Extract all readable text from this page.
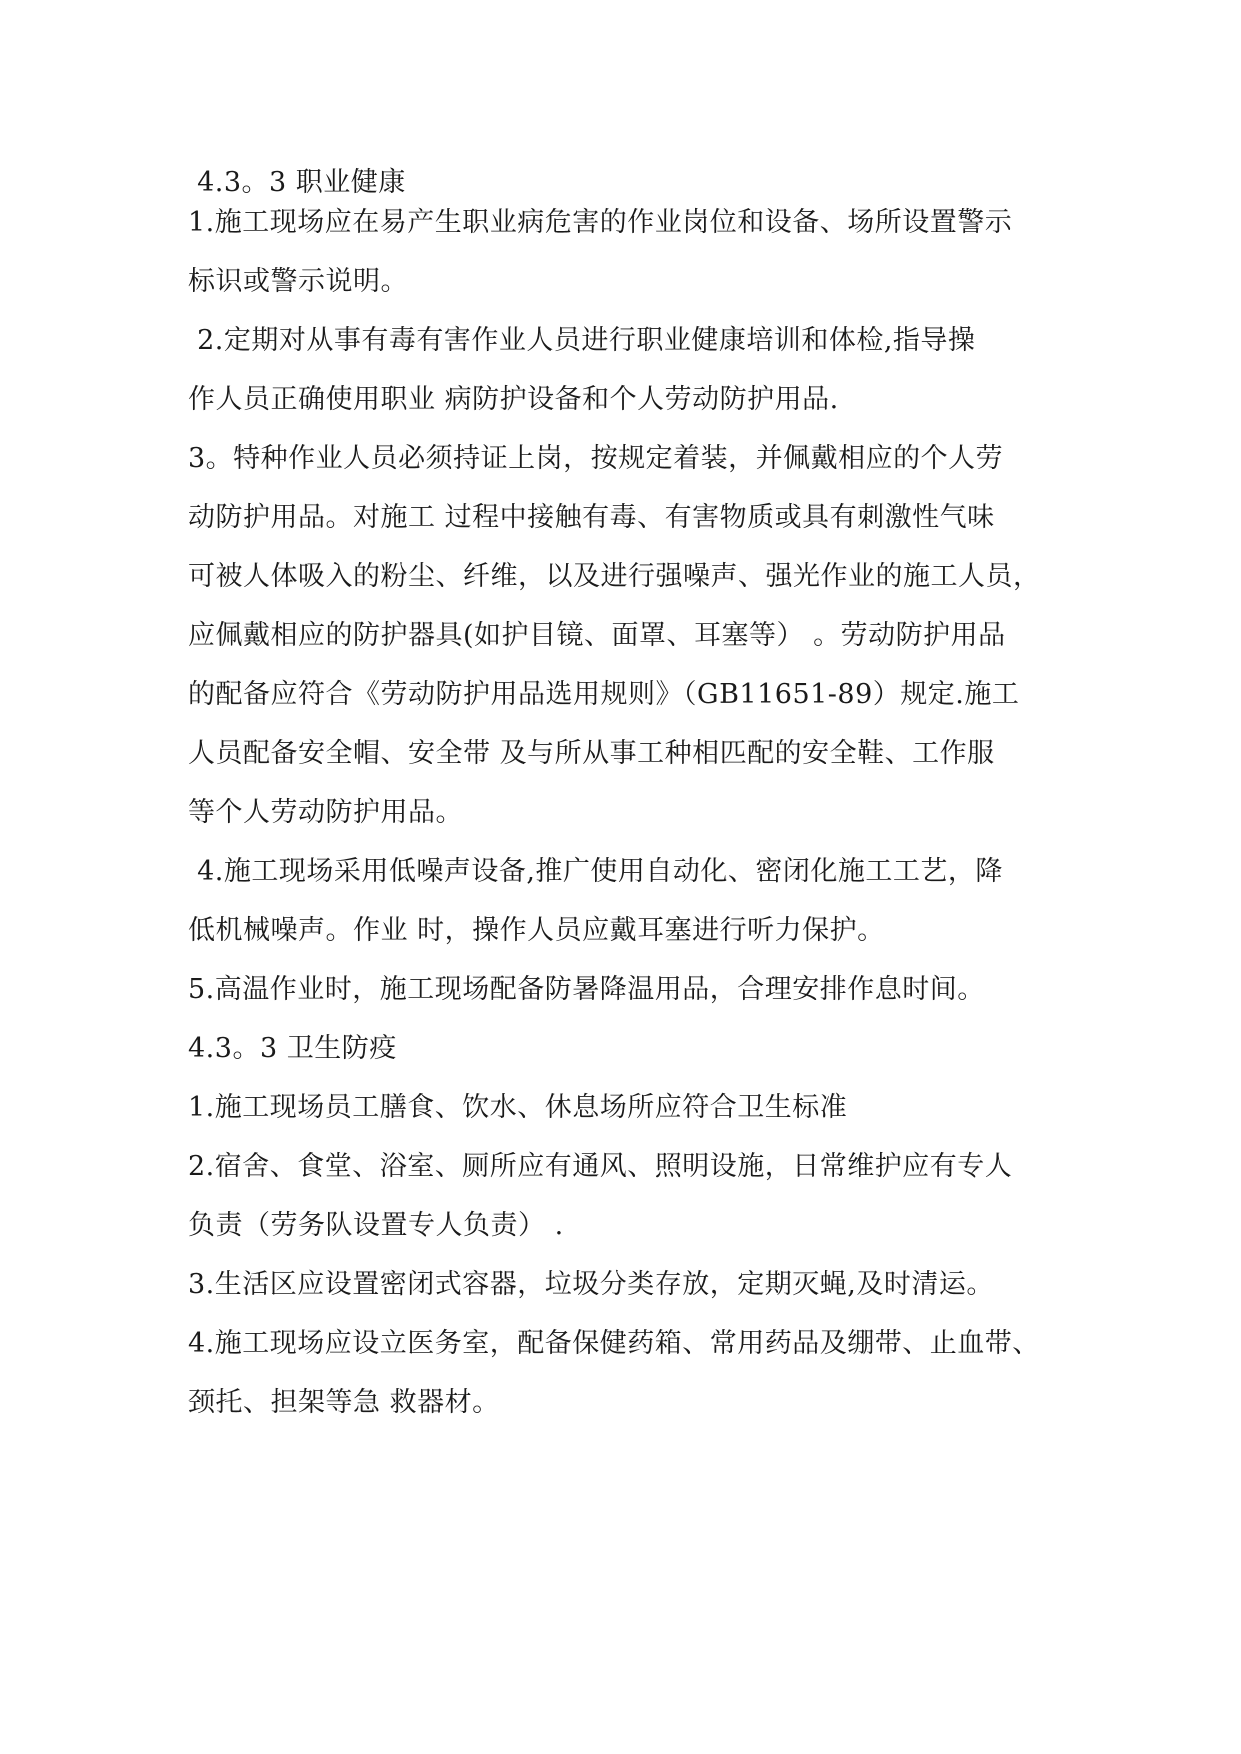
4.3。3 职业健康
1.施工现场应在易产生职业病危害的作业岗位和设备、场所设置警示
标识或警示说明。
2.定期对从事有毒有害作业人员进行职业健康培训和体检,指导操
作人员正确使用职业 病防护设备和个人劳动防护用品.
3。特种作业人员必须持证上岗，按规定着装，并佩戴相应的个人劳
动防护用品。对施工 过程中接触有毒、有害物质或具有刺激性气味
可被人体吸入的粉尘、纤维，以及进行强噪声、强光作业的施工人员，
应佩戴相应的防护器具(如护目镜、面罩、耳塞等） 。劳动防护用品
的配备应符合《劳动防护用品选用规则》（GB11651-89）规定.施工
人员配备安全帽、安全带 及与所从事工种相匹配的安全鞋、工作服
等个人劳动防护用品。
4.施工现场采用低噪声设备,推广使用自动化、密闭化施工工艺，降
低机械噪声。作业 时，操作人员应戴耳塞进行听力保护。
5.高温作业时，施工现场配备防暑降温用品，合理安排作息时间。
4.3。3 卫生防疫
1.施工现场员工膳食、饮水、休息场所应符合卫生标准
2.宿舍、食堂、浴室、厕所应有通风、照明设施，日常维护应有专人
负责（劳务队设置专人负责） .
3.生活区应设置密闭式容器，垃圾分类存放，定期灭蝇,及时清运。
4.施工现场应设立医务室，配备保健药箱、常用药品及绷带、止血带、
颈托、担架等急 救器材。
